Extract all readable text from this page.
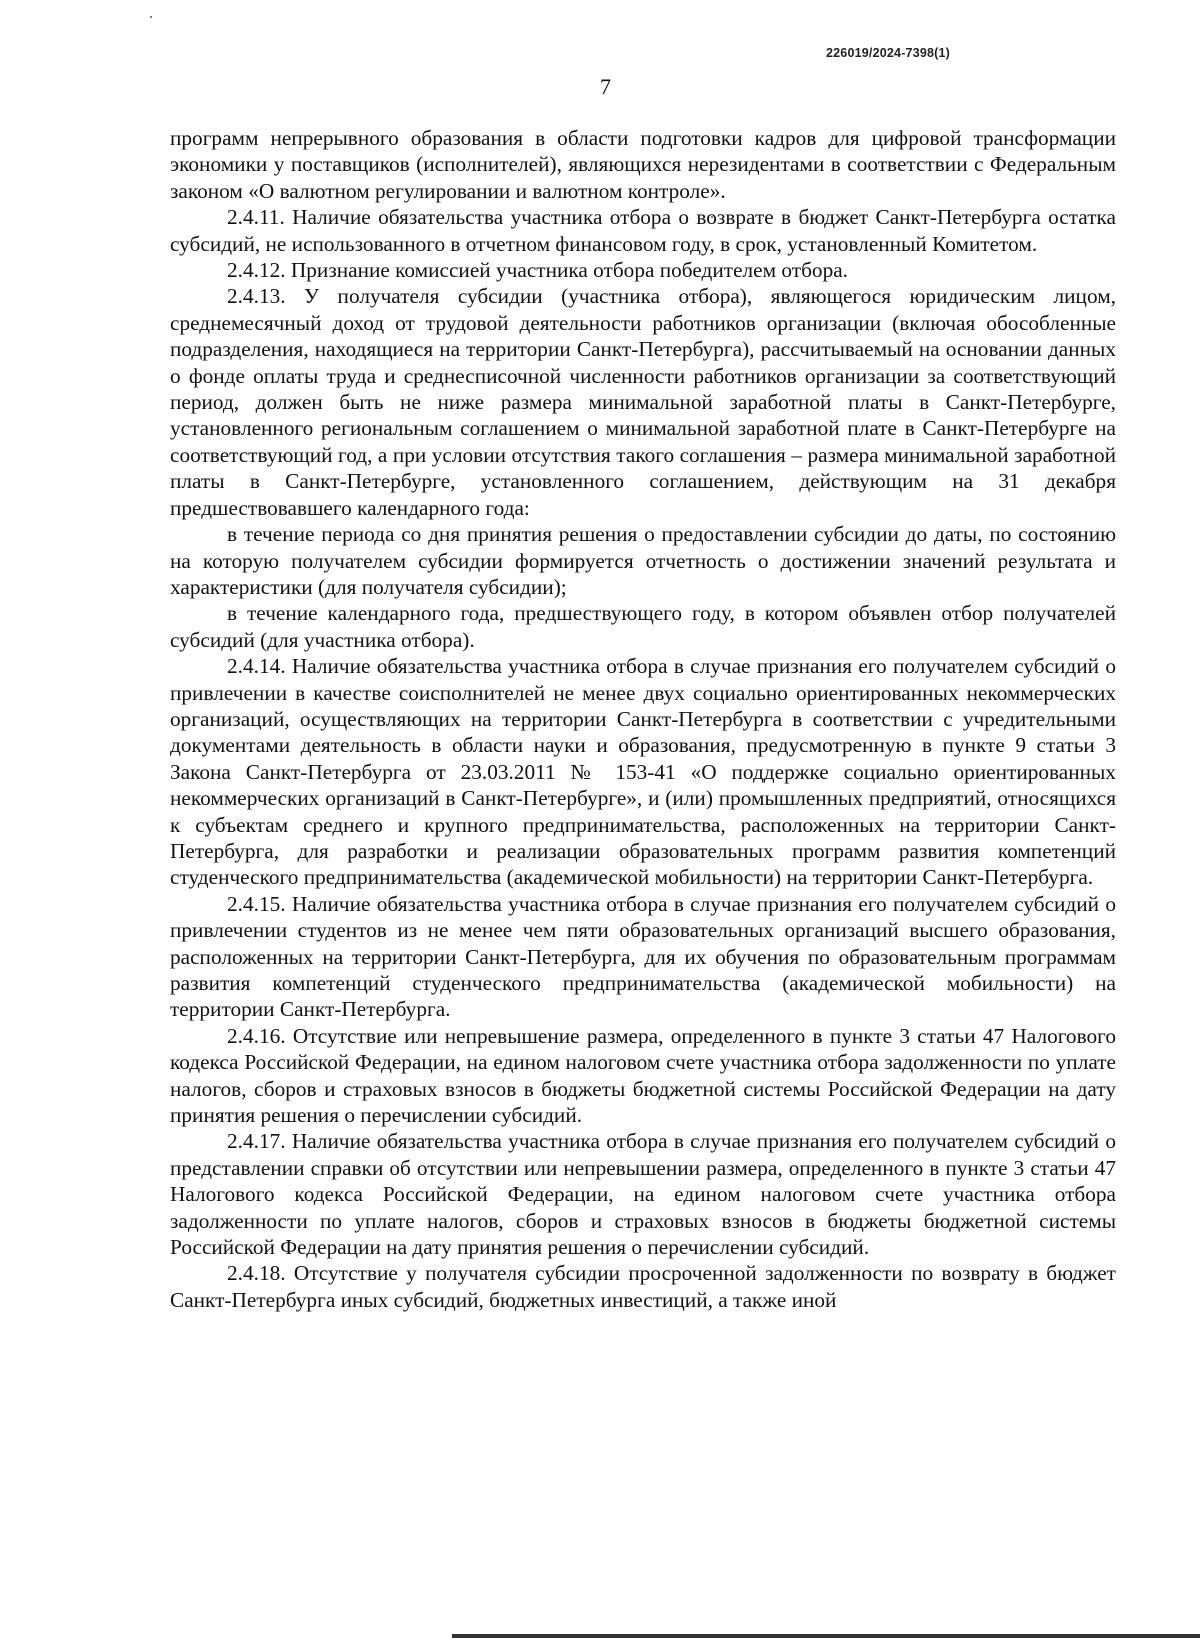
226019/2024-7398(1)
7

программ непрерывного образования в области подготовки кадров для цифровой трансформации экономики у поставщиков (исполнителей), являющихся нерезидентами в соответствии с Федеральным законом «О валютном регулировании и валютном контроле».

2.4.11. Наличие обязательства участника отбора о возврате в бюджет Санкт-Петербурга остатка субсидий, не использованного в отчетном финансовом году, в срок, установленный Комитетом.

2.4.12. Признание комиссией участника отбора победителем отбора.

2.4.13. У получателя субсидии (участника отбора), являющегося юридическим лицом, среднемесячный доход от трудовой деятельности работников организации (включая обособленные подразделения, находящиеся на территории Санкт-Петербурга), рассчитываемый на основании данных о фонде оплаты труда и среднесписочной численности работников организации за соответствующий период, должен быть не ниже размера минимальной заработной платы в Санкт-Петербурге, установленного региональным соглашением о минимальной заработной плате в Санкт-Петербурге на соответствующий год, а при условии отсутствия такого соглашения – размера минимальной заработной платы в Санкт-Петербурге, установленного соглашением, действующим на 31 декабря предшествовавшего календарного года:

в течение периода со дня принятия решения о предоставлении субсидии до даты, по состоянию на которую получателем субсидии формируется отчетность о достижении значений результата и характеристики (для получателя субсидии);

в течение календарного года, предшествующего году, в котором объявлен отбор получателей субсидий (для участника отбора).

2.4.14. Наличие обязательства участника отбора в случае признания его получателем субсидий о привлечении в качестве соисполнителей не менее двух социально ориентированных некоммерческих организаций, осуществляющих на территории Санкт-Петербурга в соответствии с учредительными документами деятельность в области науки и образования, предусмотренную в пункте 9 статьи 3 Закона Санкт-Петербурга от 23.03.2011 № 153-41 «О поддержке социально ориентированных некоммерческих организаций в Санкт-Петербурге», и (или) промышленных предприятий, относящихся к субъектам среднего и крупного предпринимательства, расположенных на территории Санкт-Петербурга, для разработки и реализации образовательных программ развития компетенций студенческого предпринимательства (академической мобильности) на территории Санкт-Петербурга.

2.4.15. Наличие обязательства участника отбора в случае признания его получателем субсидий о привлечении студентов из не менее чем пяти образовательных организаций высшего образования, расположенных на территории Санкт-Петербурга, для их обучения по образовательным программам развития компетенций студенческого предпринимательства (академической мобильности) на территории Санкт-Петербурга.

2.4.16. Отсутствие или непревышение размера, определенного в пункте 3 статьи 47 Налогового кодекса Российской Федерации, на едином налоговом счете участника отбора задолженности по уплате налогов, сборов и страховых взносов в бюджеты бюджетной системы Российской Федерации на дату принятия решения о перечислении субсидий.

2.4.17. Наличие обязательства участника отбора в случае признания его получателем субсидий о представлении справки об отсутствии или непревышении размера, определенного в пункте 3 статьи 47 Налогового кодекса Российской Федерации, на едином налоговом счете участника отбора задолженности по уплате налогов, сборов и страховых взносов в бюджеты бюджетной системы Российской Федерации на дату принятия решения о перечислении субсидий.

2.4.18. Отсутствие у получателя субсидии просроченной задолженности по возврату в бюджет Санкт-Петербурга иных субсидий, бюджетных инвестиций, а также иной
